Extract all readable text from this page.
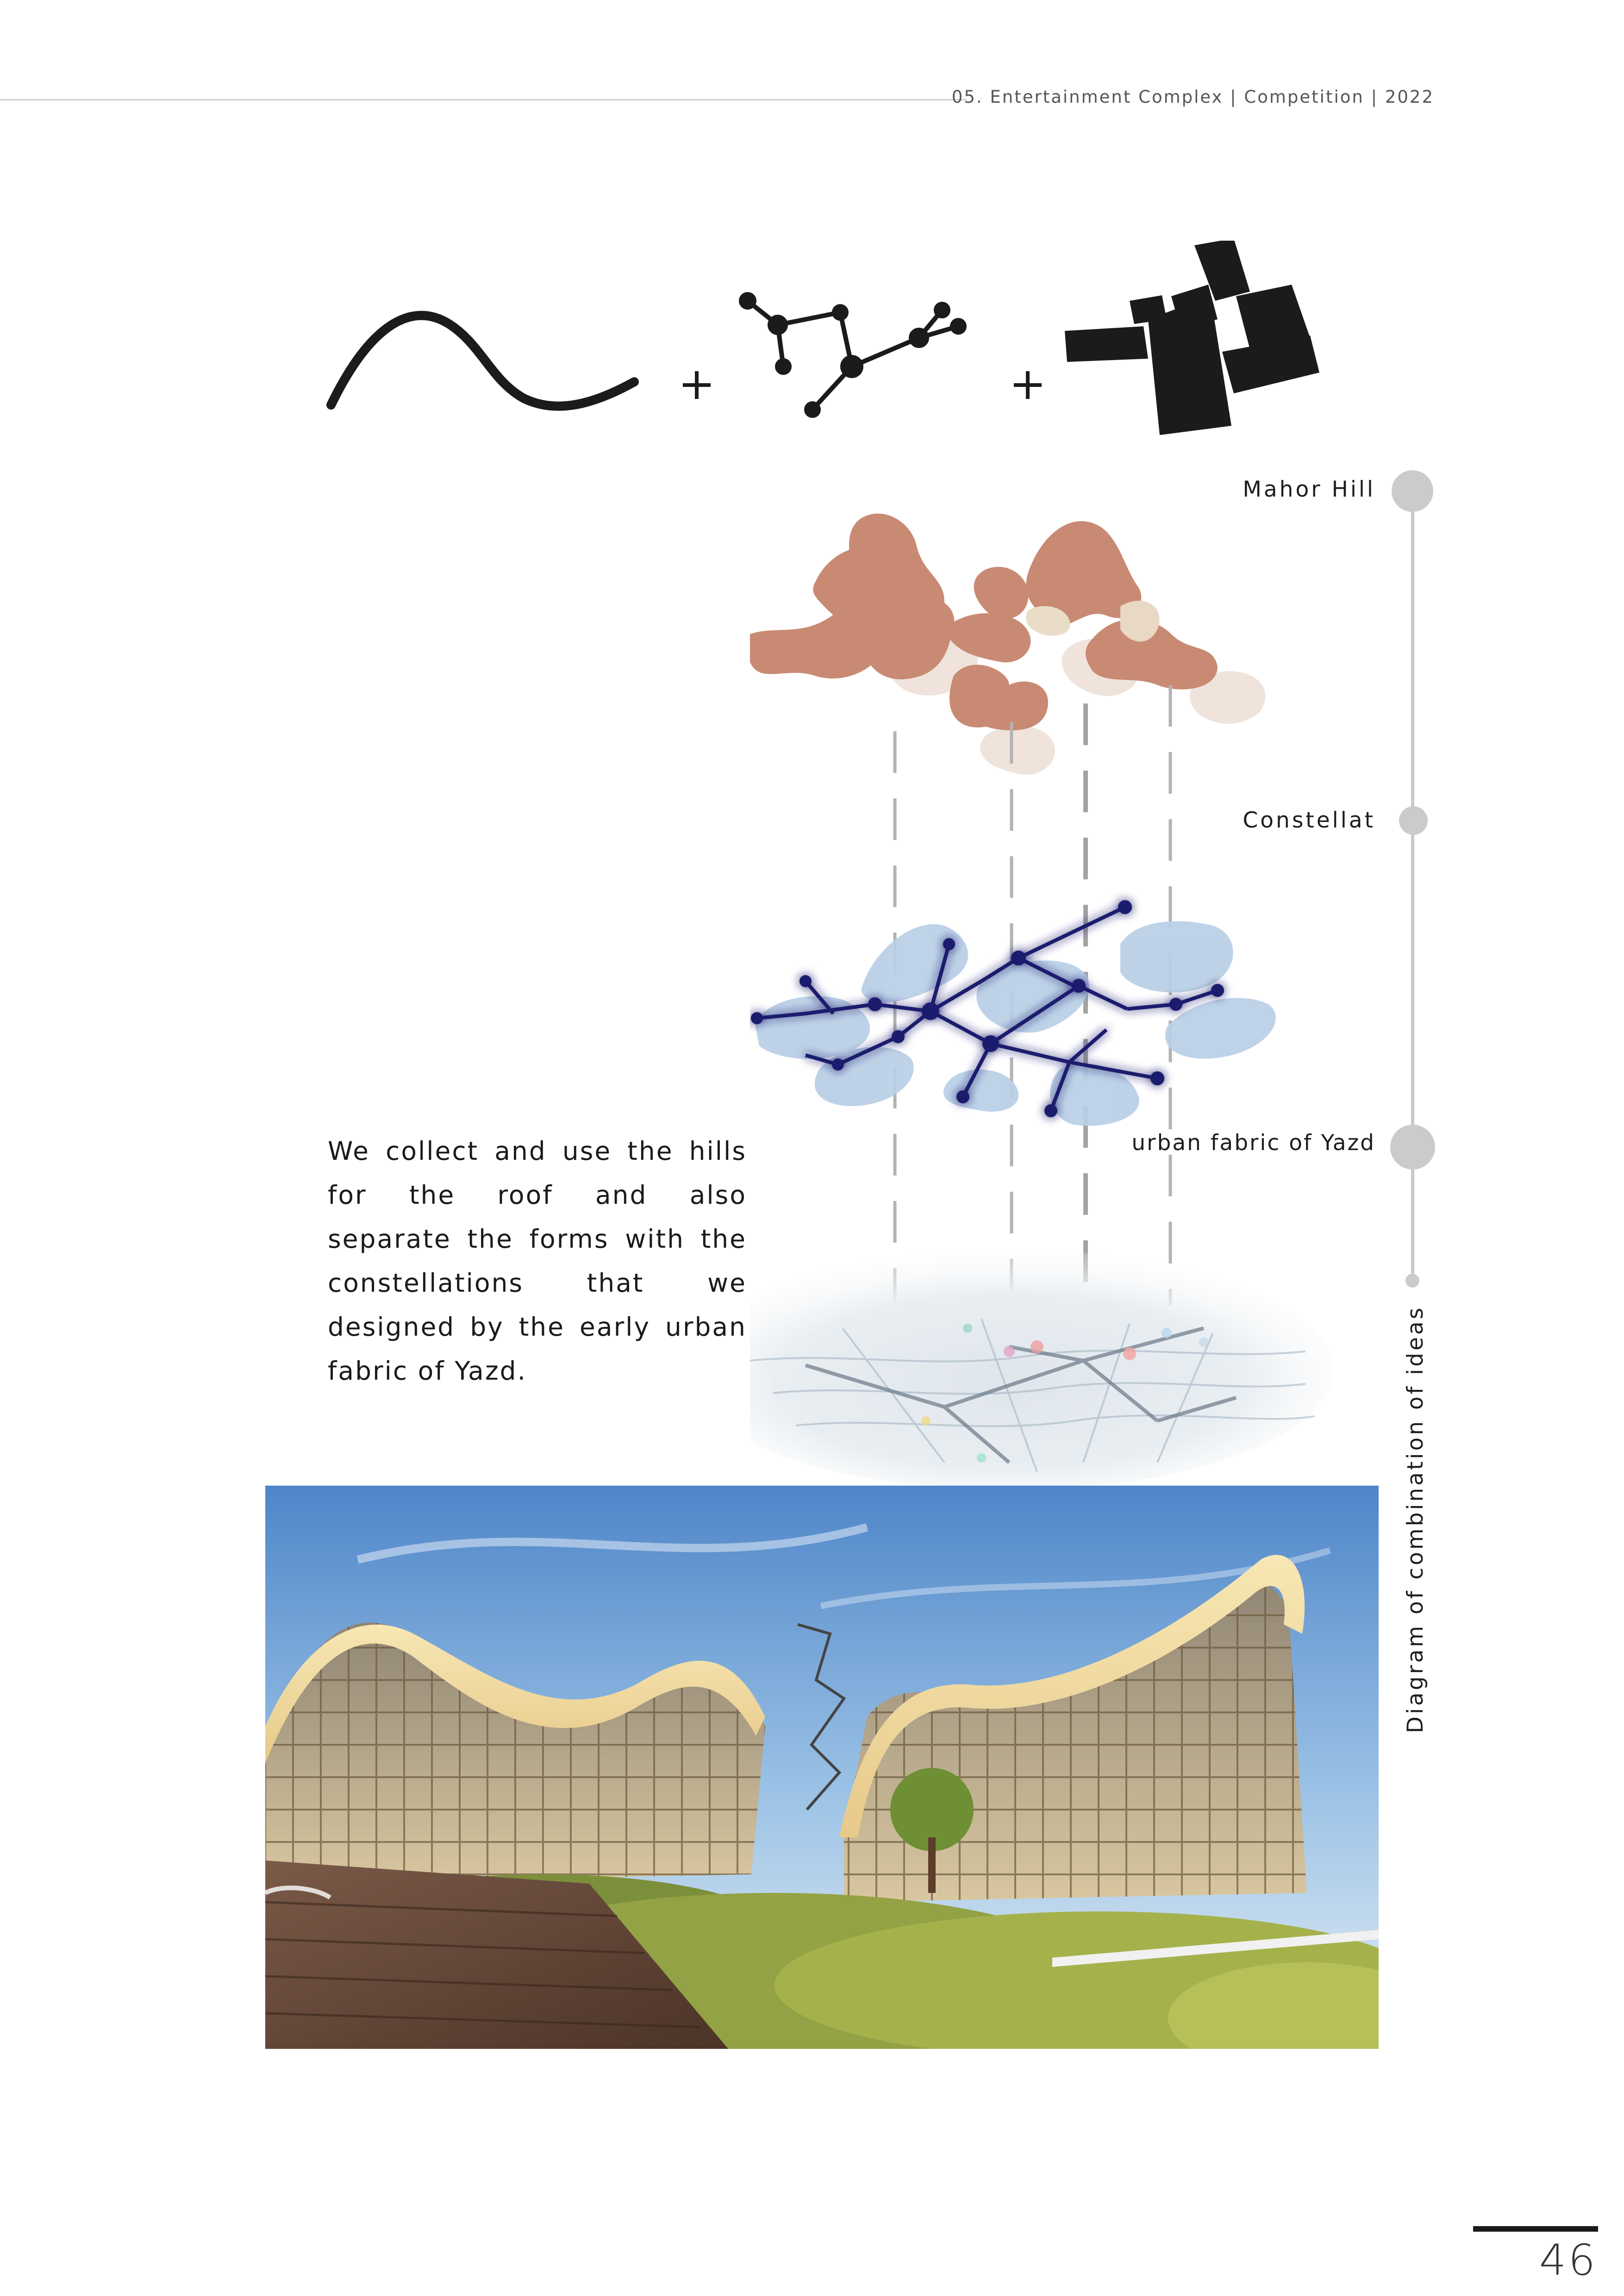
05. Entertainment Complex | Competition | 2022
Mahor Hill
Constellat
urban fabric of Yazd
Diagram of combination of ideas

We collect and use the hills for the roof and also separate the forms with the constellations that we designed by the early urban fabric of Yazd.

46
